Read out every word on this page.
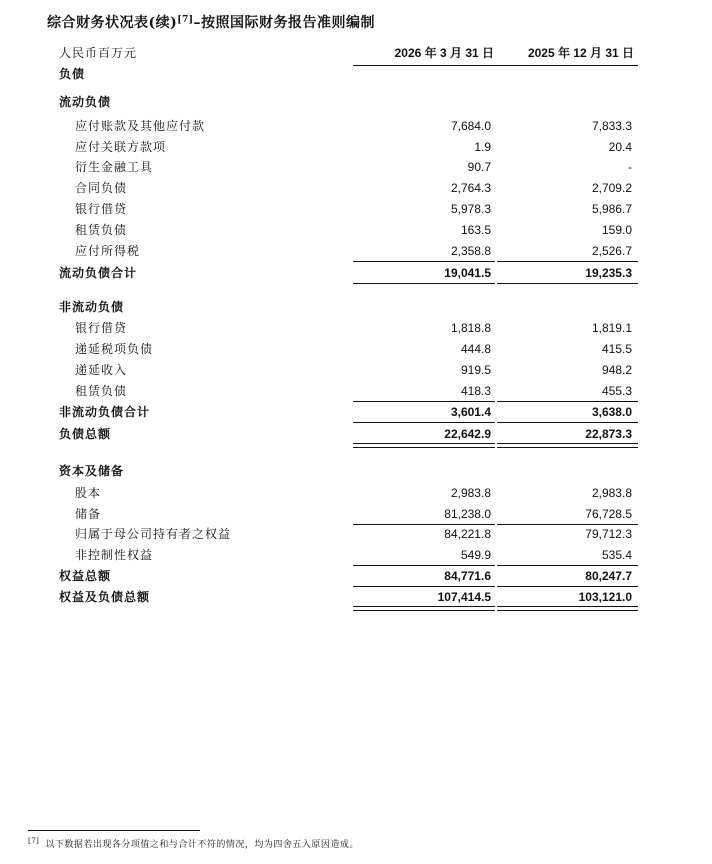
综合财务状况表(续)[7]–按照国际财务报告准则编制
人民币百万元	2026 年 3 月 31 日	2025 年 12 月 31 日
负债
流动负债
应付账款及其他应付款	7,684.0	7,833.3
应付关联方款项	1.9	20.4
衍生金融工具	90.7	-
合同负债	2,764.3	2,709.2
银行借贷	5,978.3	5,986.7
租赁负债	163.5	159.0
应付所得税	2,358.8	2,526.7
流动负债合计	19,041.5	19,235.3
非流动负债
银行借贷	1,818.8	1,819.1
递延税项负债	444.8	415.5
递延收入	919.5	948.2
租赁负债	418.3	455.3
非流动负债合计	3,601.4	3,638.0
负债总额	22,642.9	22,873.3
资本及储备
股本	2,983.8	2,983.8
储备	81,238.0	76,728.5
归属于母公司持有者之权益	84,221.8	79,712.3
非控制性权益	549.9	535.4
权益总额	84,771.6	80,247.7
权益及负债总额	107,414.5	103,121.0
[7] 以下数据若出现各分项值之和与合计不符的情况，均为四舍五入原因造成。
